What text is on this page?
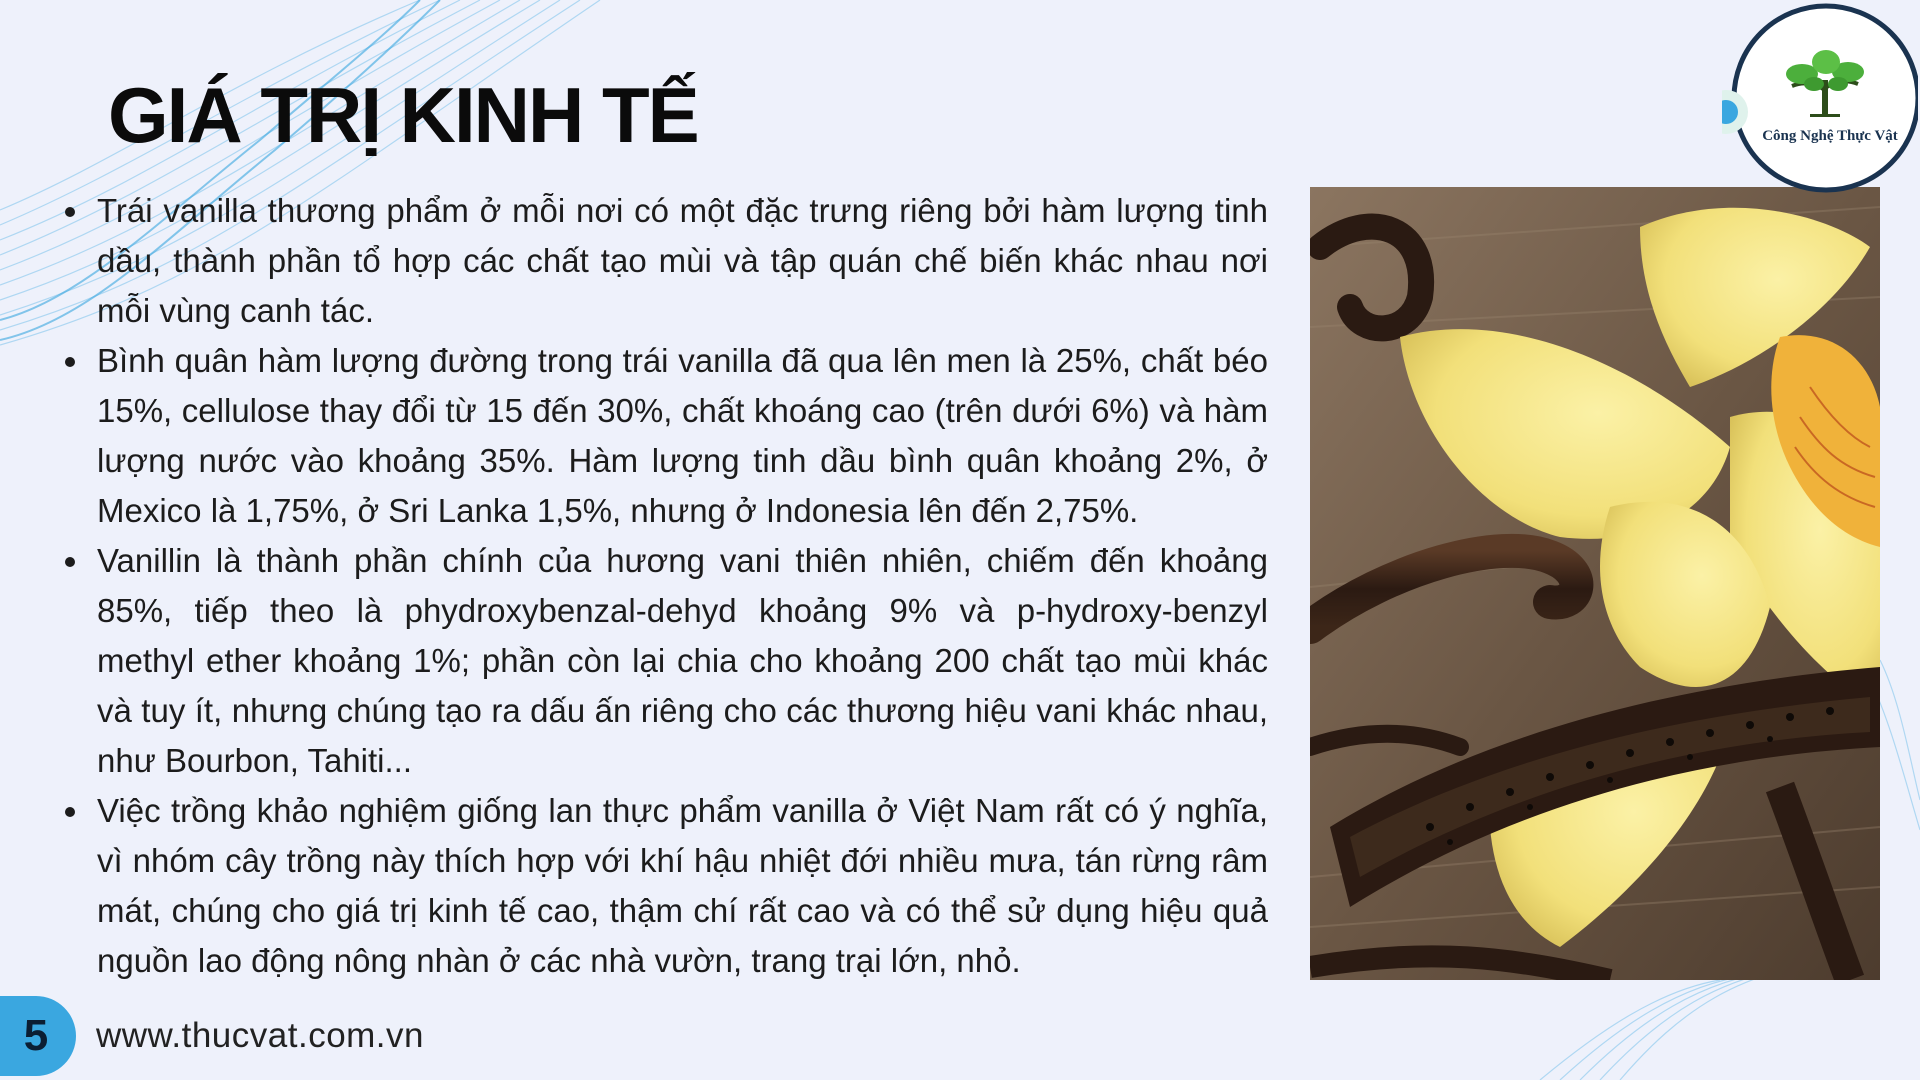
GIÁ TRỊ KINH TẾ
Trái vanilla thương phẩm ở mỗi nơi có một đặc trưng riêng bởi hàm lượng tinh dầu, thành phần tổ hợp các chất tạo mùi và tập quán chế biến khác nhau nơi mỗi vùng canh tác.
Bình quân hàm lượng đường trong trái vanilla đã qua lên men là 25%, chất béo 15%, cellulose thay đổi từ 15 đến 30%, chất khoáng cao (trên dưới 6%) và hàm lượng nước vào khoảng 35%. Hàm lượng tinh dầu bình quân khoảng 2%, ở Mexico là 1,75%, ở Sri Lanka 1,5%, nhưng ở Indonesia lên đến 2,75%.
Vanillin là thành phần chính của hương vani thiên nhiên, chiếm đến khoảng 85%, tiếp theo là phydroxybenzal-dehyd khoảng 9% và p-hydroxy-benzyl methyl ether khoảng 1%; phần còn lại chia cho khoảng 200 chất tạo mùi khác và tuy ít, nhưng chúng tạo ra dấu ấn riêng cho các thương hiệu vani khác nhau, như Bourbon, Tahiti...
Việc trồng khảo nghiệm giống lan thực phẩm vanilla ở Việt Nam rất có ý nghĩa, vì nhóm cây trồng này thích hợp với khí hậu nhiệt đới nhiều mưa, tán rừng râm mát, chúng cho giá trị kinh tế cao, thậm chí rất cao và có thể sử dụng hiệu quả nguồn lao động nông nhàn ở các nhà vườn, trang trại lớn, nhỏ.
Công Nghệ Thực Vật
5 www.thucvat.com.vn
